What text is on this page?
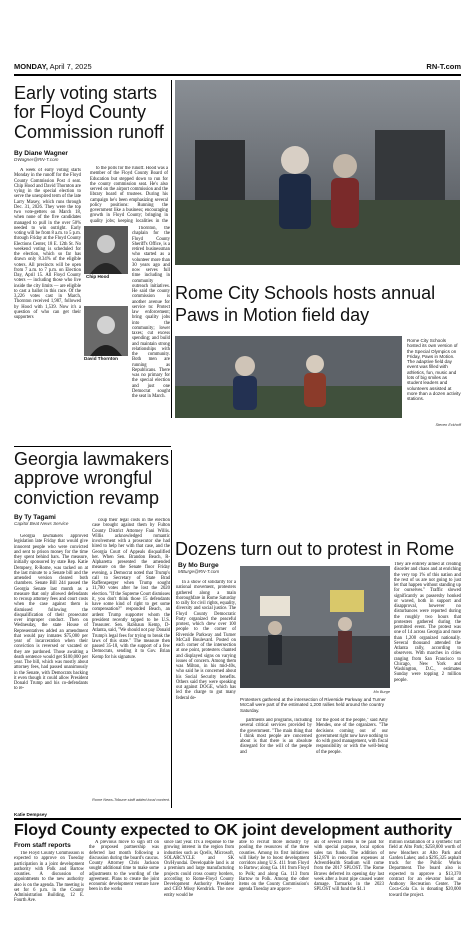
MONDAY, April 7, 2025	RN-T.com
Early voting starts
for Floyd County
Commission runoff
By Diane Wagner
DWagner@RN-T.com

A week of early voting starts Monday in the runoff for the Floyd County Commission Post 4 seat. Chip Hood and David Thornton are vying in the special election to serve the unexpired term of the late Larry Maxey, which runs through Dec. 31, 2026. They were the top two vote-getters on March 18, when none of the five candidates managed to pull in the over 50% needed to win outright. Early voting will be from 8 a.m. to 5 p.m. through Friday at the Floyd County Elections Center, 18 E. 12th St. No weekend voting is scheduled for the election, which so far has drawn only 8.34% of the eligible voters. All precincts will be open from 7 a.m. to 7 p.m. on Election Day, April 15. All Floyd County voters — including those who live inside the city limits — are eligible to cast a ballot in this race. Of the 3,226 votes cast in March, Thornton received 1,987, followed by Hood with 1,539. Now it's a question of who can get their supporters

Chip Hood
David Thornton

to the polls for the runoff. Hood was a member of the Floyd County Board of Education but stepped down to run for the county commission seat. He's also served on the airport commission and the library board of trustees. During his campaign he's been emphasizing several policy positions: Running the government like a business; encouraging growth in Floyd County; bringing in quality jobs; keeping localities in the

Thornton, the chaplain for the Floyd County Sheriff's Office, is a retired businessman who started as a volunteer more than 30 years ago and now serves full time including in community outreach initiatives. He said the county commission is another avenue for service to: Protect law enforcement; bring quality jobs into the community; lower taxes; cut excess spending; and build and maintain strong relationships with the community. Both men are running as Republicans. There was no primary for the special election and just one Democrat sought the seat in March.

Rome City Schools hosts annual
Paws in Motion field day
Rome City Schools hosted its own version of the Special Olympics on Friday, Paws in Motion. The adaptive field day event was filled with athletics, fun, music and lots of big smiles as student leaders and volunteers assisted at more than a dozen activity stations.
Steven Eckhoff
Georgia lawmakers
approve wrongful
conviction revamp
By Ty Tagami
Capitol Beat News Service

Georgia lawmakers approved legislation late Friday that would give innocent people who were convicted and sent to prison money for the time they spent behind bars. The measure, initially sponsored by state Rep. Katie Dempsey, R-Rome, was tacked on at the last minute to a Senate bill and the amended version cleared both chambers. Senate Bill 244 passed the Georgia Senate last month as a measure that only allowed defendants to recoup attorney fees and court costs when the case against them is dismissed following the disqualification of their prosecutor over improper conduct. Then on Wednesday, the state House of Representatives added an amendment that would pay inmates $75,000 per year of incarceration when their conviction is reversed or vacated or they are pardoned. Those awaiting a death sentence would get $100,000 per year. The bill, which was mostly about attorney fees, had passed unanimously in the Senate, with Democrats backing it even though it could allow President Donald Trump and his co-defendants to re-

coup their legal costs in the election case brought against them by Fulton County District Attorney Fani Willis. Willis acknowledged romantic involvement with a prosecutor she had hired to help her with that case, and the Georgia Court of Appeals disqualified her. When Sen. Brandon Beach, R-Alpharetta presented the amended measure on the Senate floor Friday evening, a Democrat noted that Trump's call to Secretary of State Brad Raffensperger when Trump sought 11,780 votes after he lost the 2020 election. "If the Supreme Court dismisses it, you don't think those 15 defendants have some kind of right to get some compensation?" responded Beach, an ardent Trump supporter whom the president recently tapped to be U.S. Treasurer. Sen. RaShaun Kemp, D-Atlanta, said, "We should not pay Donald Trump's legal fees for trying to break the laws of this state." The measure then passed 35-18, with the support of a few Democrats, sending it to Gov. Brian Kemp for his signature.

Rome News-Tribune staff added local content.
Katie Dempsey
Dozens turn out to protest in Rome
By Mo Burge
MBurge@RN-T.com

In a show of solidarity for a national movement, protesters gathered along a main thoroughfare in Rome Saturday to rally for civil rights, equality, diversity and social justice. The Floyd County Democratic Party organized the peaceful protest, which drew over 100 people to the corner of Riverside Parkway and Turner McCall Boulevard. Posted on each corner of the intersection at one point, protesters chanted and displayed signs on varying issues of concern. Among them was Milton, in his mid-40s, who said he is concerned about his Social Security benefits. Others said they were speaking out against DOGE, which has led the charge to gut many federal de-

Mo Burge
Protesters gathered at the intersection of Riverside Parkway and Turner McCall were part of the estimated 1,200 rallies held around the country Saturday.

partments and programs, including several critical services provided by the government. "The main thing that I think most people are concerned about is that there is an absolute disregard for the will of the people and

for the good of the people," said Amy Mendes, one of the organizers. "The decisions coming out of our government right now have nothing to do with good management, with fiscal responsibility or with the well-being of the people.

They are entirely aimed at creating disorder and chaos and at enriching the very top 1% of this nation and the rest of us are not going to just let that happen without standing up for ourselves." Traffic slowed significantly as passersby honked or waved, both in support and disapproval, however no disturbances were reported during the roughly two hours that protesters gathered during the permitted event. The protest was one of 14 across Georgia and more than 1,200 organized nationally. Several thousand attended the Atlanta rally, according to observers. With marches in cities ranging from San Francisco to Chicago, New York and Washington, D.C., estimates Sunday were topping 2 million people.

Floyd County expected to OK joint development authority
From staff reports

The Floyd County Commission is expected to approve on Tuesday participation in a joint development authority with Polk and Bartow counties. A discussion of appointments to the new authority also is on the agenda. The meeting is set for 6 p.m. in the County Administration Building, 12 E. Fourth Ave.

A previous move to sign off on the proposed partnership was deferred last month following a discussion during the board's caucus. County Attorney Chris Jackson sought additional time to make some adjustments to the wording of the agreement. Plans to create the joint economic development venture have been in the works

since last year. It's a response to the growing interest in the region from industries such as Qcells, Microsoft, SOLARCYCLE and SK On/Hyundai. Developable land is at a premium and large manufacturing projects could cross county borders, according to Rome-Floyd County Development Authority President and CEO Missy Kendrick. The new entity would be

able to recruit more industry by pooling the resources of the three counties. Among its first initiatives will likely be to boost development corridors along U.S. 411 from Floyd to Bartow; along Ga. 101 from Floyd to Polk; and along Ga. 113 from Bartow to Polk. Among the other items on the County Commission's agenda Tuesday are approv-

als of several items to be paid for with special purpose, local option sales tax funds. The addition of $12,870 in renovation expenses at AdventHealth Stadium will come from the 2017 SPLOST. The Rome Braves deferred its opening day last week after a burst pipe caused water damage. Tarmarks in the 2023 SPLOST will fund the $1.1

million installation of a synthetic turf field at Alto Park; $258,000 worth of new bleachers at Alto Park and Garden Lakes; and a $295,325 asphalt truck for the Public Works Department. The board also is expected to approve a $13,370 contract for an elevator hoist at Anthony Recreation Center. The Coca-Cola Co. is donating $20,000 toward the project.
